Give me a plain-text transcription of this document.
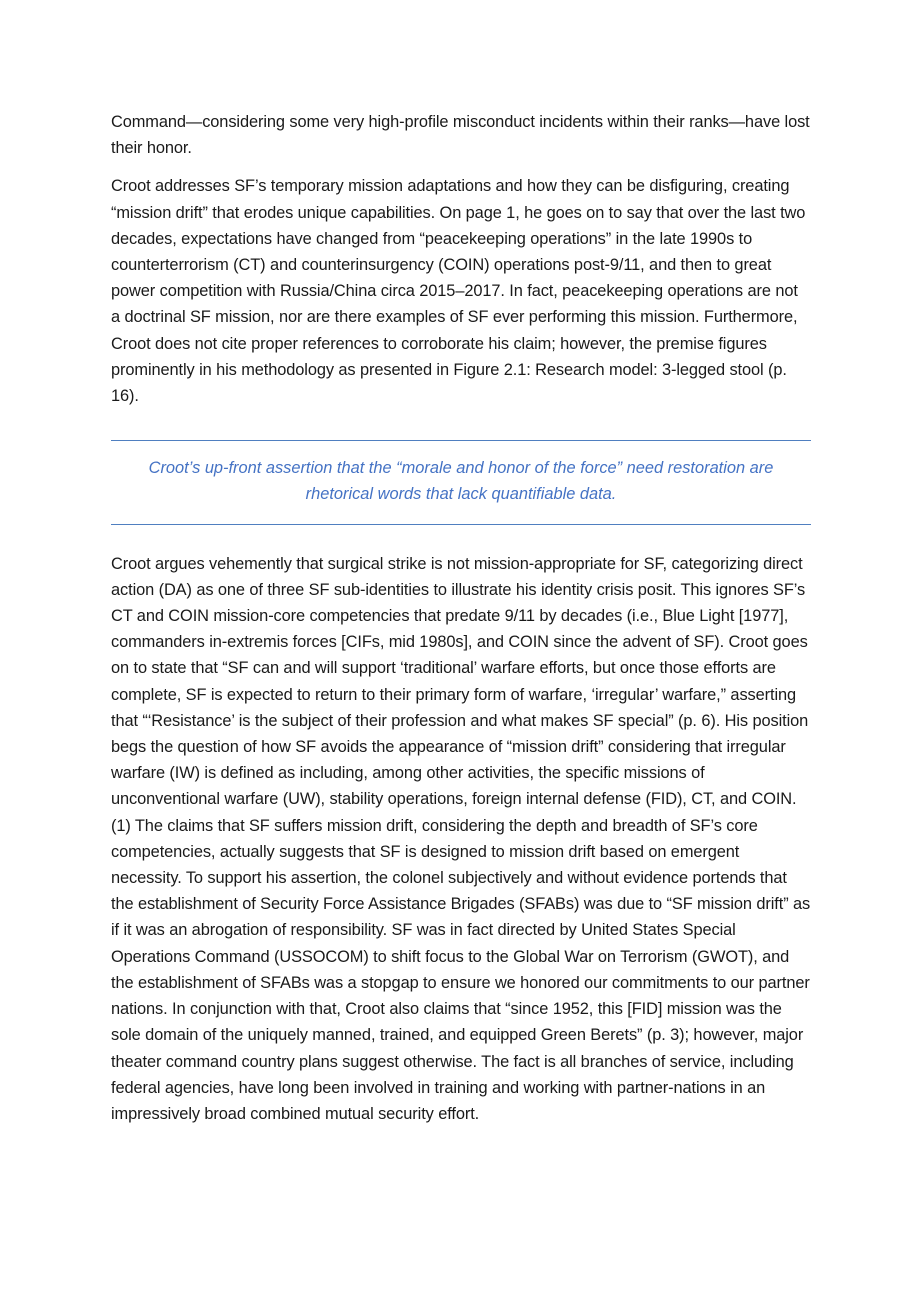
Command—considering some very high-profile misconduct incidents within their ranks—have lost their honor.

Croot addresses SF’s temporary mission adaptations and how they can be disfiguring, creating “mission drift” that erodes unique capabilities. On page 1, he goes on to say that over the last two decades, expectations have changed from “peacekeeping operations” in the late 1990s to counterterrorism (CT) and counterinsurgency (COIN) operations post-9/11, and then to great power competition with Russia/China circa 2015–2017. In fact, peacekeeping operations are not a doctrinal SF mission, nor are there examples of SF ever performing this mission. Furthermore, Croot does not cite proper references to corroborate his claim; however, the premise figures prominently in his methodology as presented in Figure 2.1: Research model: 3-legged stool (p. 16).

Croot’s up-front assertion that the “morale and honor of the force” need restoration are rhetorical words that lack quantifiable data.

Croot argues vehemently that surgical strike is not mission-appropriate for SF, categorizing direct action (DA) as one of three SF sub-identities to illustrate his identity crisis posit. This ignores SF’s CT and COIN mission-core competencies that predate 9/11 by decades (i.e., Blue Light [1977], commanders in-extremis forces [CIFs, mid 1980s], and COIN since the advent of SF). Croot goes on to state that “SF can and will support ‘traditional’ warfare efforts, but once those efforts are complete, SF is expected to return to their primary form of warfare, ‘irregular’ warfare,” asserting that “‘Resistance’ is the subject of their profession and what makes SF special” (p. 6). His position begs the question of how SF avoids the appearance of “mission drift” considering that irregular warfare (IW) is defined as including, among other activities, the specific missions of unconventional warfare (UW), stability operations, foreign internal defense (FID), CT, and COIN. (1) The claims that SF suffers mission drift, considering the depth and breadth of SF’s core competencies, actually suggests that SF is designed to mission drift based on emergent necessity. To support his assertion, the colonel subjectively and without evidence portends that the establishment of Security Force Assistance Brigades (SFABs) was due to “SF mission drift” as if it was an abrogation of responsibility. SF was in fact directed by United States Special Operations Command (USSOCOM) to shift focus to the Global War on Terrorism (GWOT), and the establishment of SFABs was a stopgap to ensure we honored our commitments to our partner nations. In conjunction with that, Croot also claims that “since 1952, this [FID] mission was the sole domain of the uniquely manned, trained, and equipped Green Berets” (p. 3); however, major theater command country plans suggest otherwise. The fact is all branches of service, including federal agencies, have long been involved in training and working with partner-nations in an impressively broad combined mutual security effort.
